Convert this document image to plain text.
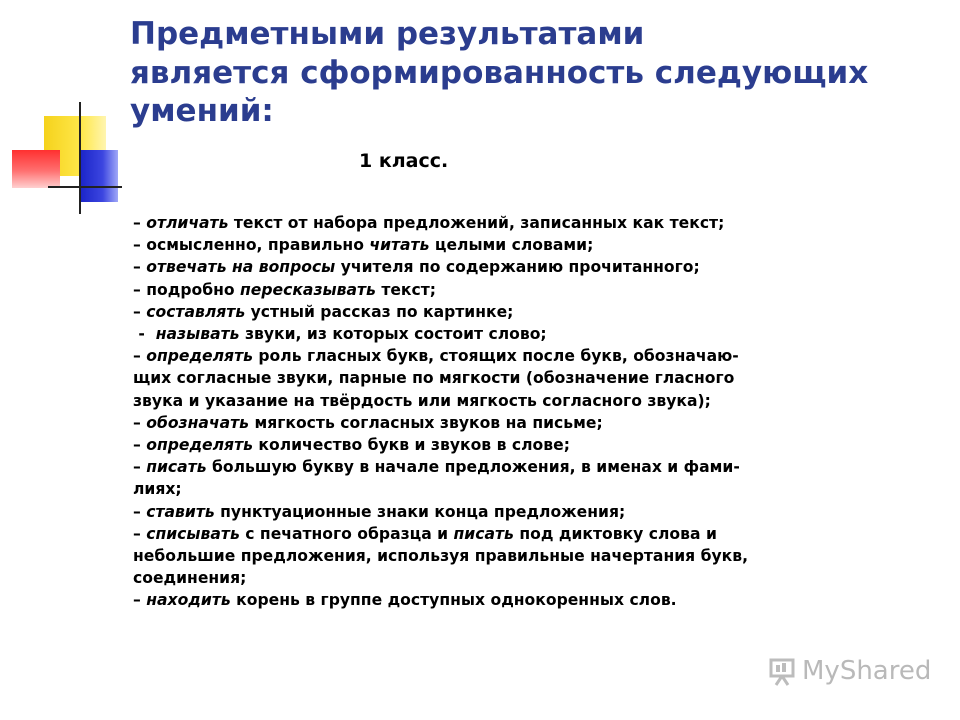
Предметными результатами
является сформированность следующих
умений:
1 класс.
– отличать текст от набора предложений, записанных как текст;
– осмысленно, правильно читать целыми словами;
– отвечать на вопросы учителя по содержанию прочитанного;
– подробно пересказывать текст;
– составлять устный рассказ по картинке;
-  называть звуки, из которых состоит слово;
– определять роль гласных букв, стоящих после букв, обозначаю-
щих согласные звуки, парные по мягкости (обозначение гласного
звука и указание на твёрдость или мягкость согласного звука);
– обозначать мягкость согласных звуков на письме;
– определять количество букв и звуков в слове;
– писать большую букву в начале предложения, в именах и фами-
лиях;
– ставить пунктуационные знаки конца предложения;
– списывать с печатного образца и писать под диктовку слова и
небольшие предложения, используя правильные начертания букв,
соединения;
– находить корень в группе доступных однокоренных слов.
MyShared
